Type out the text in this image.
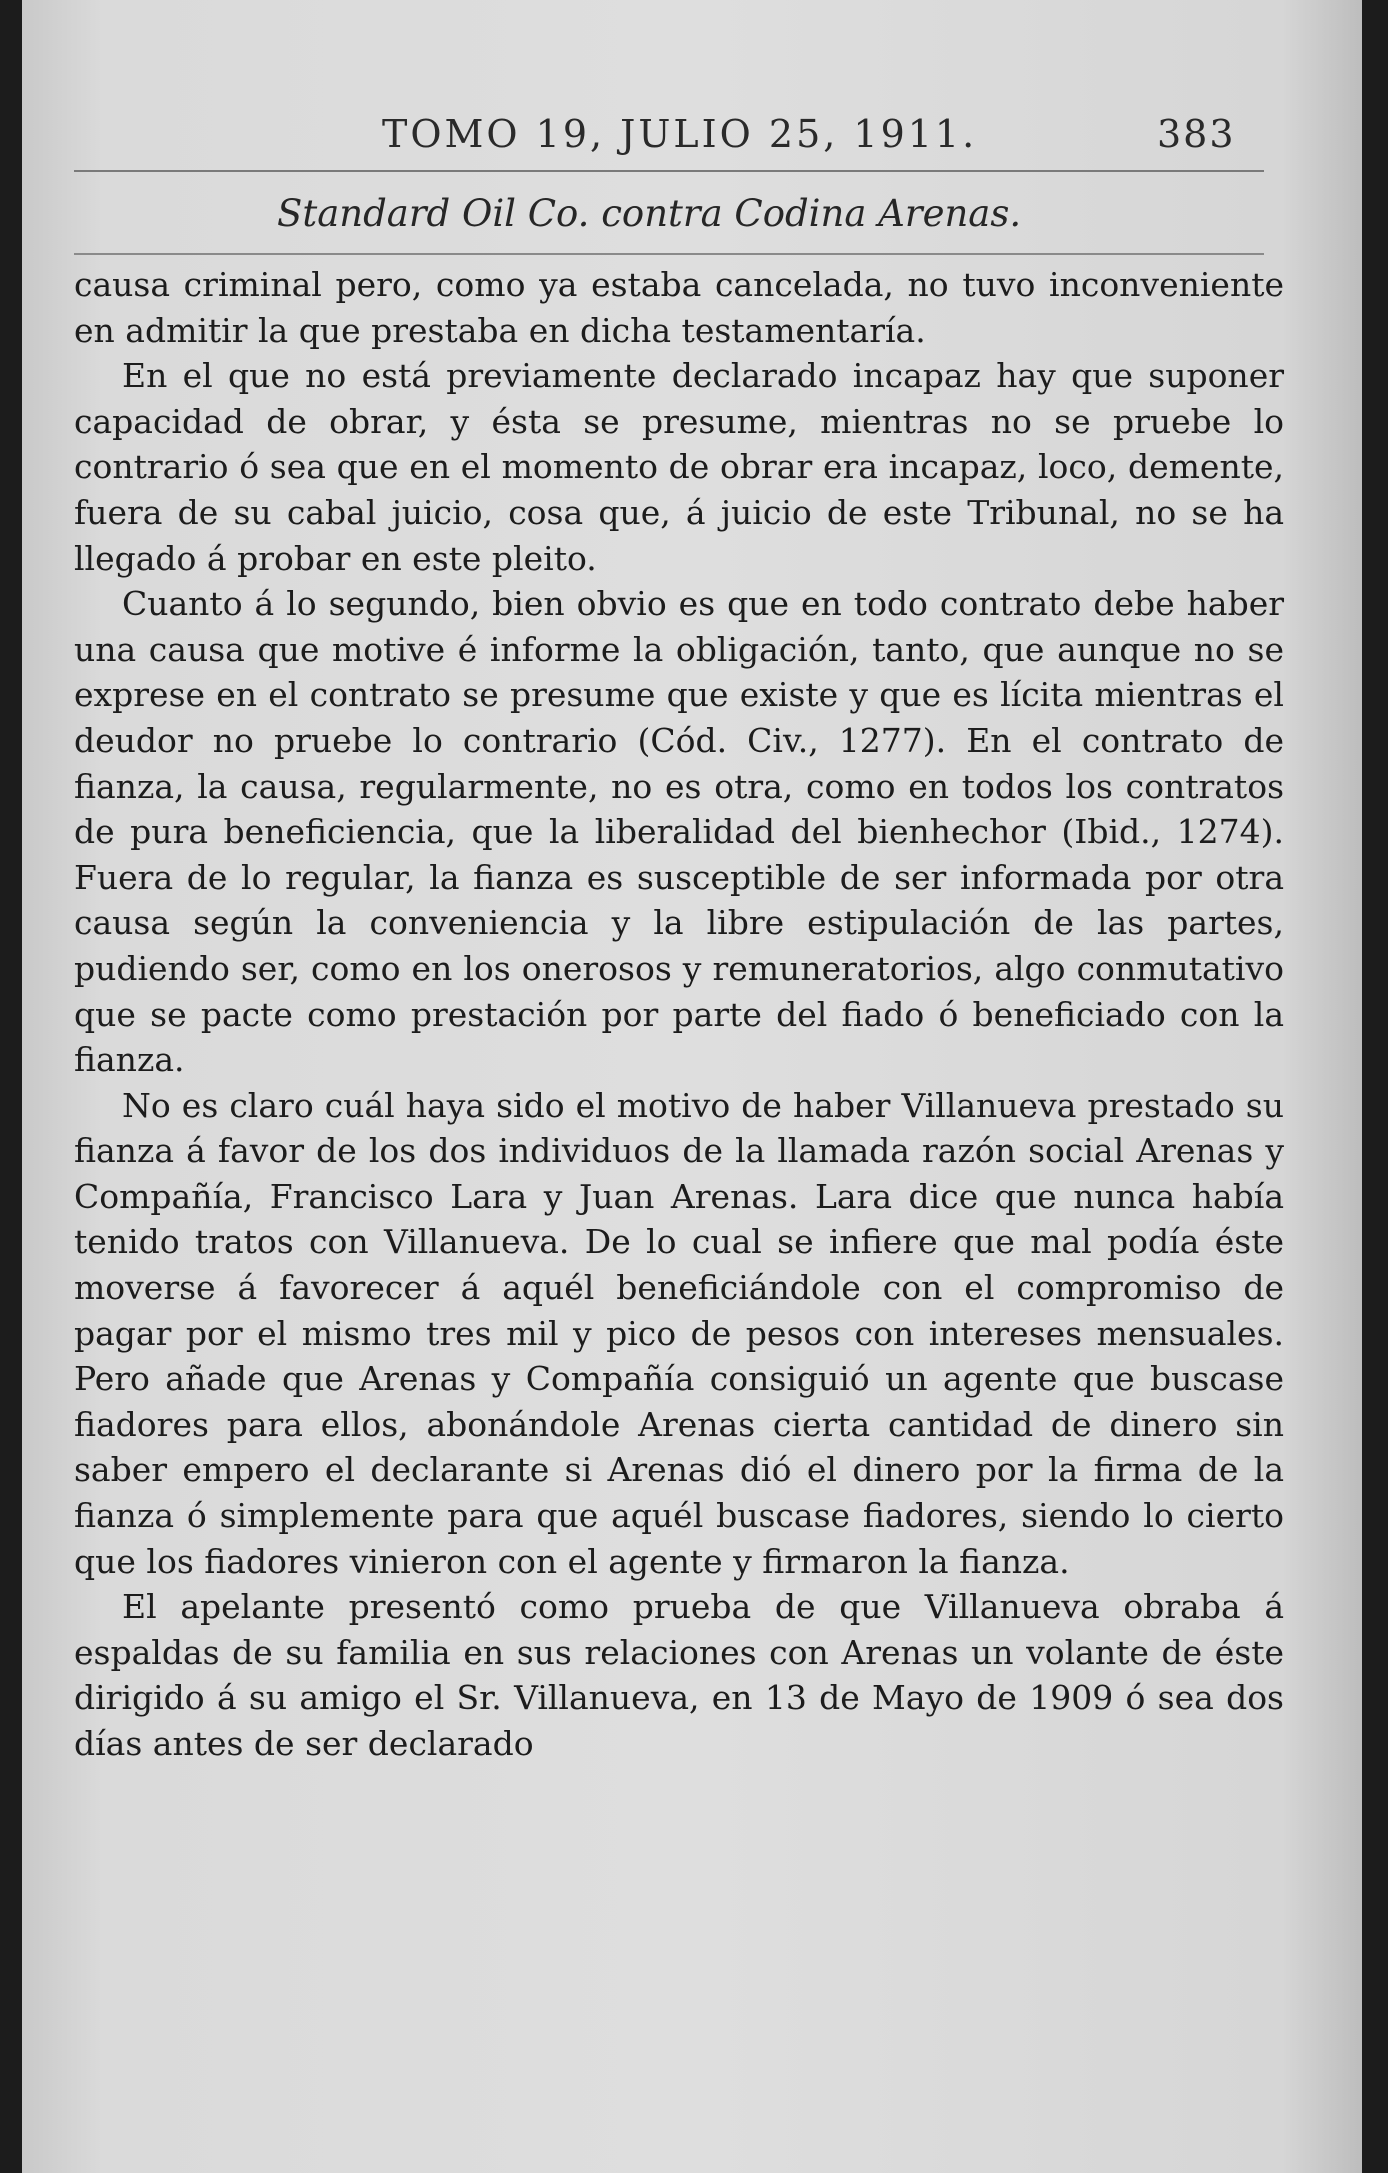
TOMO 19, JULIO 25, 1911.	383
Standard Oil Co. contra Codina Arenas.

causa criminal pero, como ya estaba cancelada, no tuvo inconveniente en admitir la que prestaba en dicha testamentaría.

En el que no está previamente declarado incapaz hay que suponer capacidad de obrar, y ésta se presume, mientras no se pruebe lo contrario ó sea que en el momento de obrar era incapaz, loco, demente, fuera de su cabal juicio, cosa que, á juicio de este Tribunal, no se ha llegado á probar en este pleito.

Cuanto á lo segundo, bien obvio es que en todo contrato debe haber una causa que motive é informe la obligación, tanto, que aunque no se exprese en el contrato se presume que existe y que es lícita mientras el deudor no pruebe lo contrario (Cód. Civ., 1277). En el contrato de fianza, la causa, regularmente, no es otra, como en todos los contratos de pura beneficiencia, que la liberalidad del bienhechor (Ibid., 1274). Fuera de lo regular, la fianza es susceptible de ser informada por otra causa según la conveniencia y la libre estipulación de las partes, pudiendo ser, como en los onerosos y remuneratorios, algo conmutativo que se pacte como prestación por parte del fiado ó beneficiado con la fianza.

No es claro cuál haya sido el motivo de haber Villanueva prestado su fianza á favor de los dos individuos de la llamada razón social Arenas y Compañía, Francisco Lara y Juan Arenas. Lara dice que nunca había tenido tratos con Villanueva. De lo cual se infiere que mal podía éste moverse á favorecer á aquél beneficiándole con el compromiso de pagar por el mismo tres mil y pico de pesos con intereses mensuales. Pero añade que Arenas y Compañía consiguió un agente que buscase fiadores para ellos, abonándole Arenas cierta cantidad de dinero sin saber empero el declarante si Arenas dió el dinero por la firma de la fianza ó simplemente para que aquél buscase fiadores, siendo lo cierto que los fiadores vinieron con el agente y firmaron la fianza.

El apelante presentó como prueba de que Villanueva obraba á espaldas de su familia en sus relaciones con Arenas un volante de éste dirigido á su amigo el Sr. Villanueva, en 13 de Mayo de 1909 ó sea dos días antes de ser declarado
